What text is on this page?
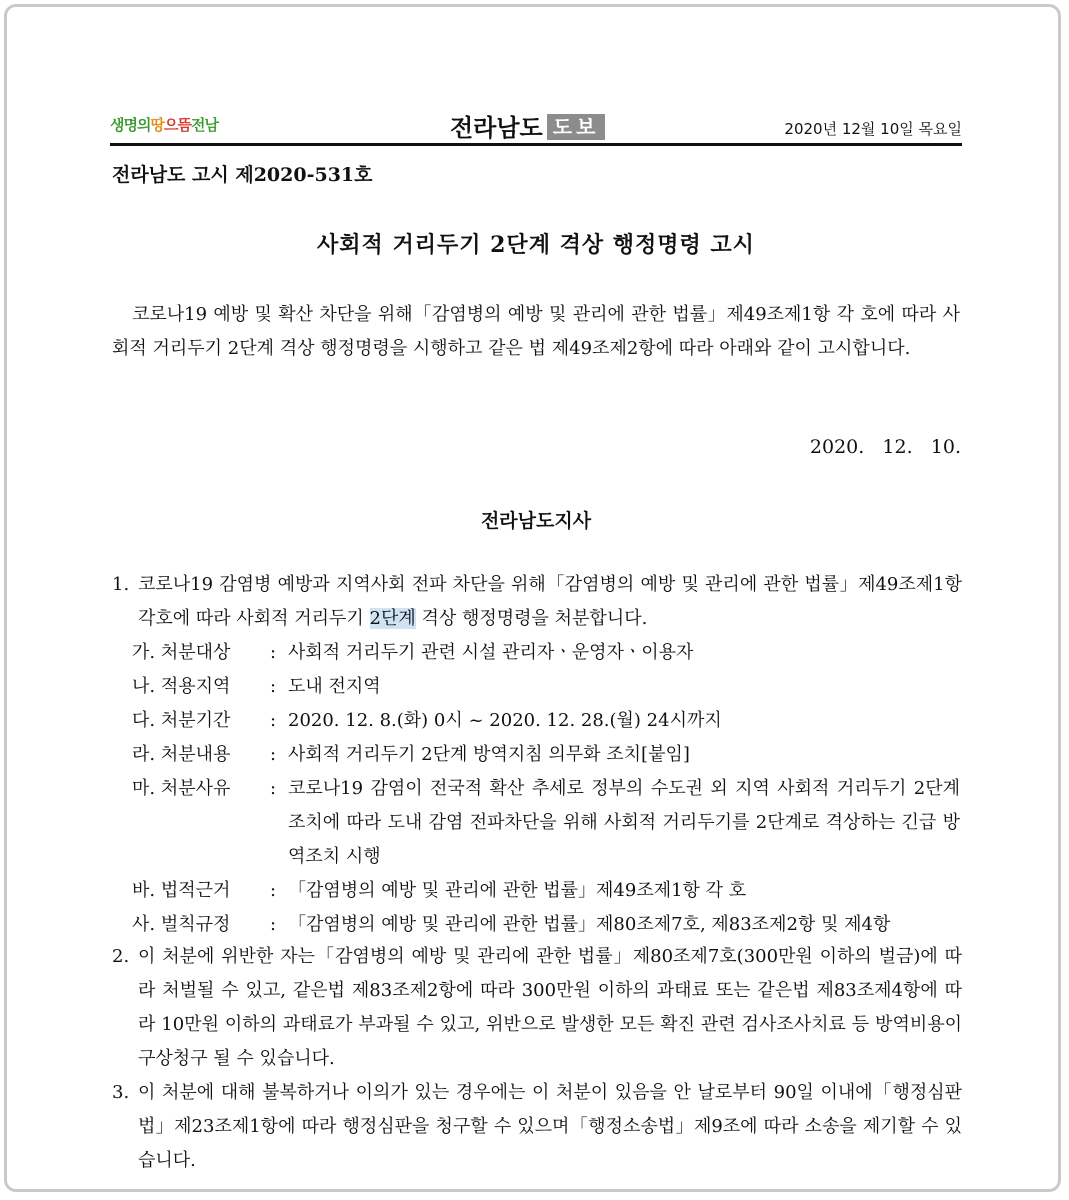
생명의땅으뜸전남	전라남도 도보	2020년 12월 10일 목요일
전라남도 고시 제2020-531호
사회적 거리두기 2단계 격상 행정명령 고시
코로나19 예방 및 확산 차단을 위해「감염병의 예방 및 관리에 관한 법률」제49조제1항 각 호에 따라 사회적 거리두기 2단계 격상 행정명령을 시행하고 같은 법 제49조제2항에 따라 아래와 같이 고시합니다.
2020.   12.   10.
전라남도지사
1. 코로나19 감염병 예방과 지역사회 전파 차단을 위해「감염병의 예방 및 관리에 관한 법률」제49조제1항 각호에 따라 사회적 거리두기 2단계 격상 행정명령을 처분합니다.
가. 처분대상 : 사회적 거리두기 관련 시설 관리자ㆍ운영자ㆍ이용자
나. 적용지역 : 도내 전지역
다. 처분기간 : 2020. 12. 8.(화) 0시 ~ 2020. 12. 28.(월) 24시까지
라. 처분내용 : 사회적 거리두기 2단계 방역지침 의무화 조치[붙임]
마. 처분사유 : 코로나19 감염이 전국적 확산 추세로 정부의 수도권 외 지역 사회적 거리두기 2단계 조치에 따라 도내 감염 전파차단을 위해 사회적 거리두기를 2단계로 격상하는 긴급 방역조치 시행
바. 법적근거 : 「감염병의 예방 및 관리에 관한 법률」제49조제1항 각 호
사. 벌칙규정 : 「감염병의 예방 및 관리에 관한 법률」제80조제7호, 제83조제2항 및 제4항
2. 이 처분에 위반한 자는「감염병의 예방 및 관리에 관한 법률」제80조제7호(300만원 이하의 벌금)에 따라 처벌될 수 있고, 같은법 제83조제2항에 따라 300만원 이하의 과태료 또는 같은법 제83조제4항에 따라 10만원 이하의 과태료가 부과될 수 있고, 위반으로 발생한 모든 확진 관련 검사조사치료 등 방역비용이 구상청구 될 수 있습니다.
3. 이 처분에 대해 불복하거나 이의가 있는 경우에는 이 처분이 있음을 안 날로부터 90일 이내에「행정심판법」제23조제1항에 따라 행정심판을 청구할 수 있으며「행정소송법」제9조에 따라 소송을 제기할 수 있습니다.
